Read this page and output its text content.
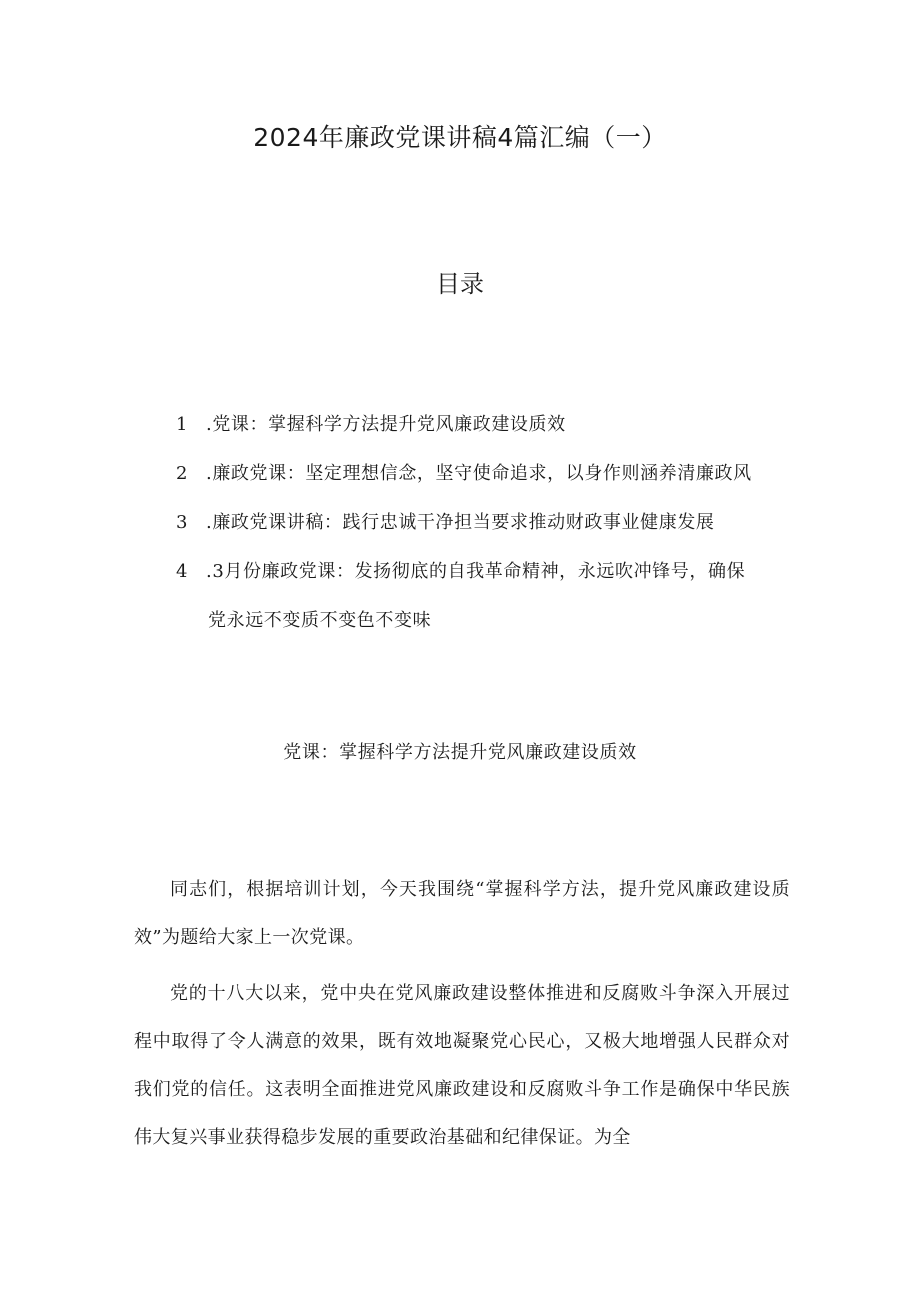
2024年廉政党课讲稿4篇汇编（一）
目录
1 .党课：掌握科学方法提升党风廉政建设质效
2 .廉政党课：坚定理想信念，坚守使命追求，以身作则涵养清廉政风
3 .廉政党课讲稿：践行忠诚干净担当要求推动财政事业健康发展
4 .3月份廉政党课：发扬彻底的自我革命精神，永远吹冲锋号，确保
党永远不变质不变色不变味
党课：掌握科学方法提升党风廉政建设质效

同志们，根据培训计划，今天我围绕“掌握科学方法，提升党风廉政建设质效”为题给大家上一次党课。

党的十八大以来，党中央在党风廉政建设整体推进和反腐败斗争深入开展过程中取得了令人满意的效果，既有效地凝聚党心民心，又极大地增强人民群众对我们党的信任。这表明全面推进党风廉政建设和反腐败斗争工作是确保中华民族伟大复兴事业获得稳步发展的重要政治基础和纪律保证。为全
